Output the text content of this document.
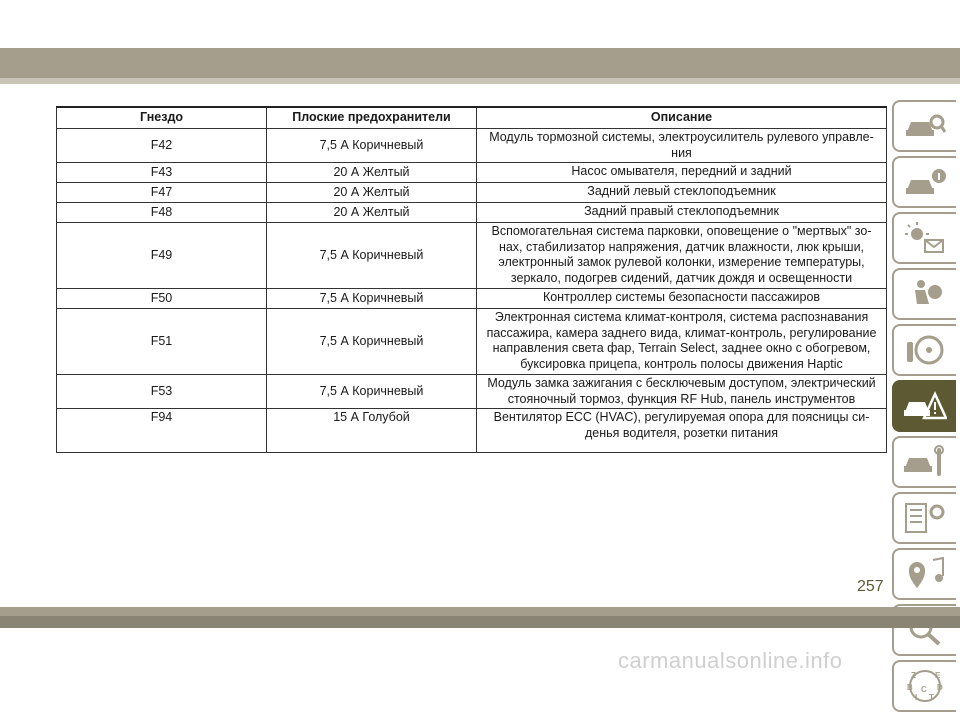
Гнездо	Плоские предохранители	Описание
F42	7,5 А Коричневый	Модуль тормозной системы, электроусилитель рулевого управле-ния
F43	20 А Желтый	Насос омывателя, передний и задний
F47	20 А Желтый	Задний левый стеклоподъемник
F48	20 А Желтый	Задний правый стеклоподъемник
F49	7,5 А Коричневый	Вспомогательная система парковки, оповещение о "мертвых" зо-нах, стабилизатор напряжения, датчик влажности, люк крыши, электронный замок рулевой колонки, измерение температуры, зеркало, подогрев сидений, датчик дождя и освещенности
F50	7,5 А Коричневый	Контроллер системы безопасности пассажиров
F51	7,5 А Коричневый	Электронная система климат-контроля, система распознавания пассажира, камера заднего вида, климат-контроль, регулирование направления света фар, Terrain Select, заднее окно с обогревом, буксировка прицепа, контроль полосы движения Haptic
F53	7,5 А Коричневый	Модуль замка зажигания с бесключевым доступом, электрический стояночный тормоз, функция RF Hub, панель инструментов
F94	15 А Голубой	Вентилятор ECC (HVAC), регулируемая опора для поясницы си-денья водителя, розетки питания
Z E
B	D
I T
C
257
carmanualsonline.info
